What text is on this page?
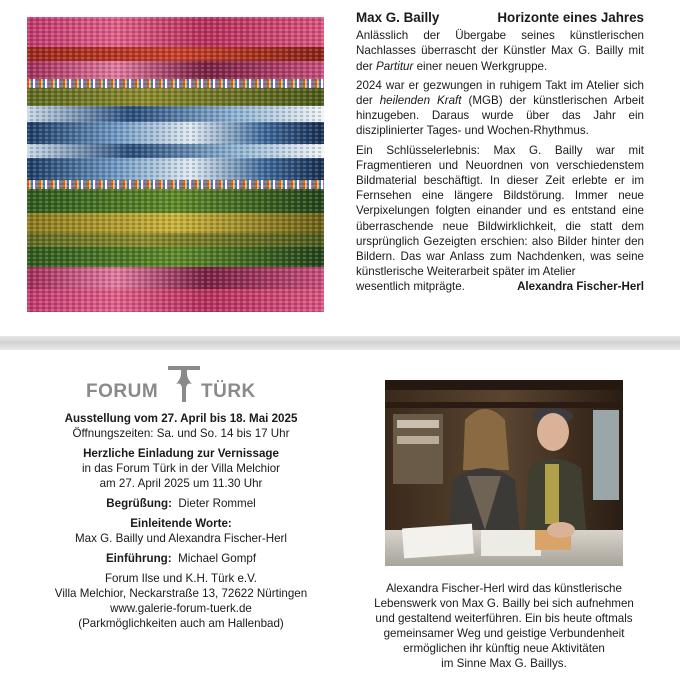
Max G. Bailly	Horizonte eines Jahres

Anlässlich der Übergabe seines künstlerischen Nachlasses überrascht der Künstler Max G. Bailly mit der Partitur einer neuen Werkgruppe.

2024 war er gezwungen in ruhigem Takt im Atelier sich der heilenden Kraft (MGB) der künstlerischen Arbeit hinzugeben. Daraus wurde über das Jahr ein disziplinierter Tages- und Wochen-Rhythmus.

Ein Schlüsselerlebnis: Max G. Bailly war mit Fragmentieren und Neuordnen von verschiedenstem Bildmaterial beschäftigt. In dieser Zeit erlebte er im Fernsehen eine längere Bildstörung. Immer neue Verpixelungen folgten einander und es entstand eine überraschende neue Bildwirklichkeit, die statt dem ursprünglich Gezeigten erschien: also Bilder hinter den Bildern. Das war Anlass zum Nachdenken, was seine künstlerische Weiterarbeit später im Atelier

wesentlich mitprägte.	Alexandra Fischer-Herl
FORUM TÜRK
Ausstellung vom 27. April bis 18. Mai 2025
Öffnungszeiten: Sa. und So. 14 bis 17 Uhr
Herzliche Einladung zur Vernissage
in das Forum Türk in der Villa Melchior
am 27. April 2025 um 11.30 Uhr
Begrüßung: Dieter Rommel
Einleitende Worte:
Max G. Bailly und Alexandra Fischer-Herl
Einführung: Michael Gompf
Forum Ilse und K.H. Türk e.V.
Villa Melchior, Neckarstraße 13, 72622 Nürtingen
www.galerie-forum-tuerk.de
(Parkmöglichkeiten auch am Hallenbad)
Alexandra Fischer-Herl wird das künstlerische
Lebenswerk von Max G. Bailly bei sich aufnehmen
und gestaltend weiterführen. Ein bis heute oftmals
gemeinsamer Weg und geistige Verbundenheit
ermöglichen ihr künftig neue Aktivitäten
im Sinne Max G. Baillys.
